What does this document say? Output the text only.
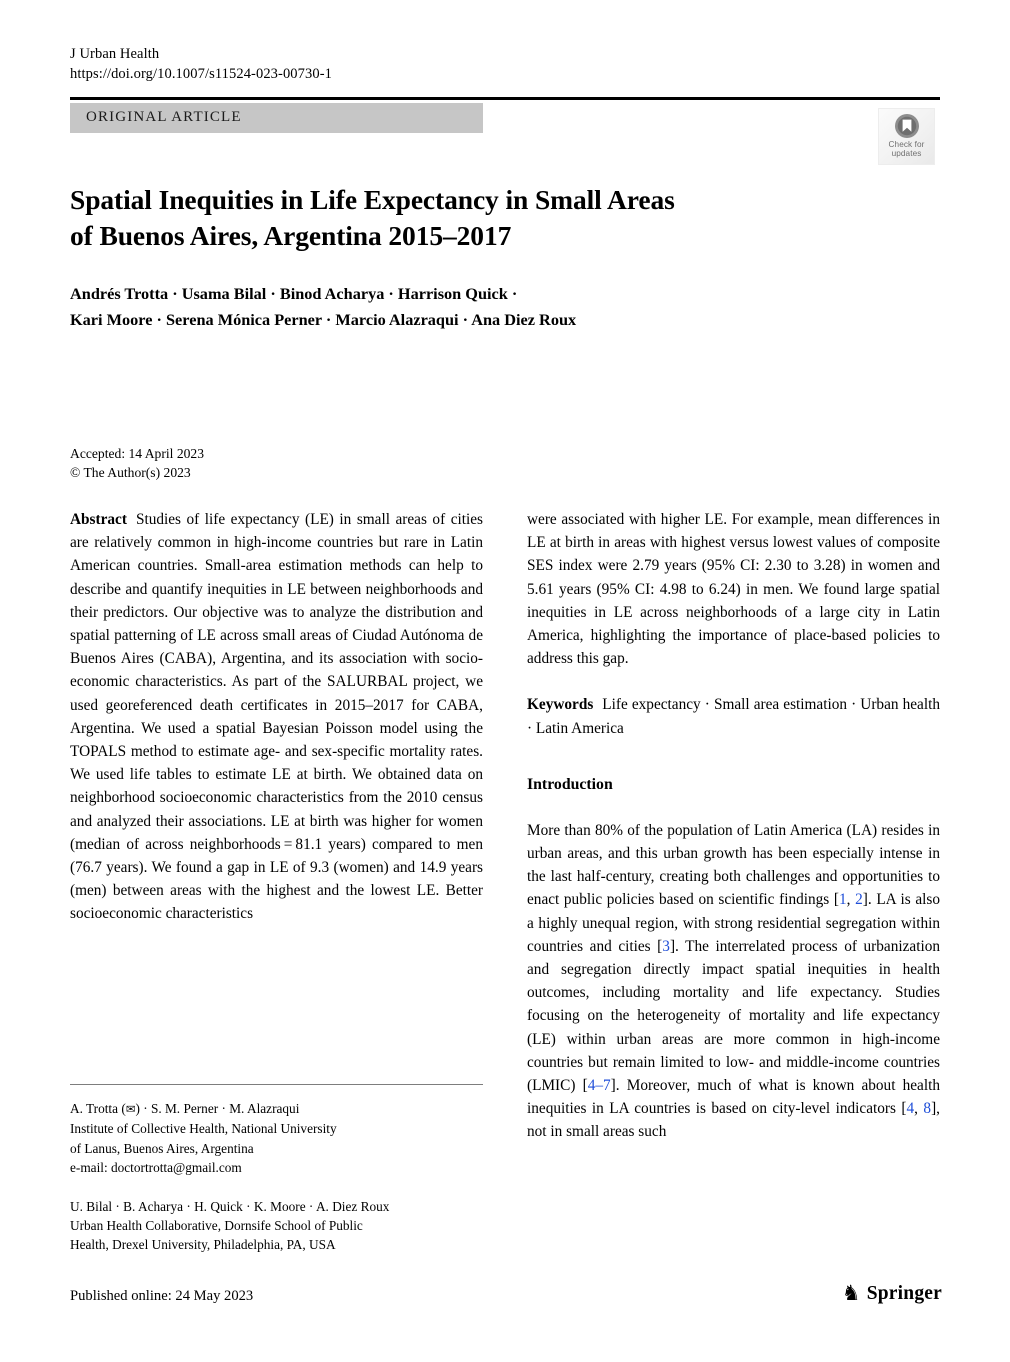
J Urban Health
https://doi.org/10.1007/s11524-023-00730-1
ORIGINAL ARTICLE
Check for
updates
Spatial Inequities in Life Expectancy in Small Areas
of Buenos Aires, Argentina 2015–2017
Andrés Trotta · Usama Bilal · Binod Acharya · Harrison Quick ·
Kari Moore · Serena Mónica Perner · Marcio Alazraqui · Ana Diez Roux
Accepted: 14 April 2023
© The Author(s) 2023

Abstract Studies of life expectancy (LE) in small areas of cities are relatively common in high-income countries but rare in Latin American countries. Small-area estimation methods can help to describe and quantify inequities in LE between neighborhoods and their predictors. Our objective was to analyze the distribution and spatial patterning of LE across small areas of Ciudad Autónoma de Buenos Aires (CABA), Argentina, and its association with socio-economic characteristics. As part of the SALURBAL project, we used georeferenced death certificates in 2015–2017 for CABA, Argentina. We used a spatial Bayesian Poisson model using the TOPALS method to estimate age- and sex-specific mortality rates. We used life tables to estimate LE at birth. We obtained data on neighborhood socioeconomic characteristics from the 2010 census and analyzed their associations. LE at birth was higher for women (median of across neighborhoods = 81.1 years) compared to men (76.7 years). We found a gap in LE of 9.3 (women) and 14.9 years (men) between areas with the highest and the lowest LE. Better socioeconomic characteristics

were associated with higher LE. For example, mean differences in LE at birth in areas with highest versus lowest values of composite SES index were 2.79 years (95% CI: 2.30 to 3.28) in women and 5.61 years (95% CI: 4.98 to 6.24) in men. We found large spatial inequities in LE across neighborhoods of a large city in Latin America, highlighting the importance of place-based policies to address this gap.

Keywords Life expectancy · Small area estimation · Urban health · Latin America

Introduction

More than 80% of the population of Latin America (LA) resides in urban areas, and this urban growth has been especially intense in the last half-century, creating both challenges and opportunities to enact public policies based on scientific findings [1, 2]. LA is also a highly unequal region, with strong residential segregation within countries and cities [3]. The interrelated process of urbanization and segregation directly impact spatial inequities in health outcomes, including mortality and life expectancy. Studies focusing on the heterogeneity of mortality and life expectancy (LE) within urban areas are more common in high-income countries but remain limited to low- and middle-income countries (LMIC) [4–7]. Moreover, much of what is known about health inequities in LA countries is based on city-level indicators [4, 8], not in small areas such

A. Trotta (✉) · S. M. Perner · M. Alazraqui
Institute of Collective Health, National University
of Lanus, Buenos Aires, Argentina
e-mail: doctortrotta@gmail.com
U. Bilal · B. Acharya · H. Quick · K. Moore · A. Diez Roux
Urban Health Collaborative, Dornsife School of Public
Health, Drexel University, Philadelphia, PA, USA
Published online: 24 May 2023	♞ Springer
